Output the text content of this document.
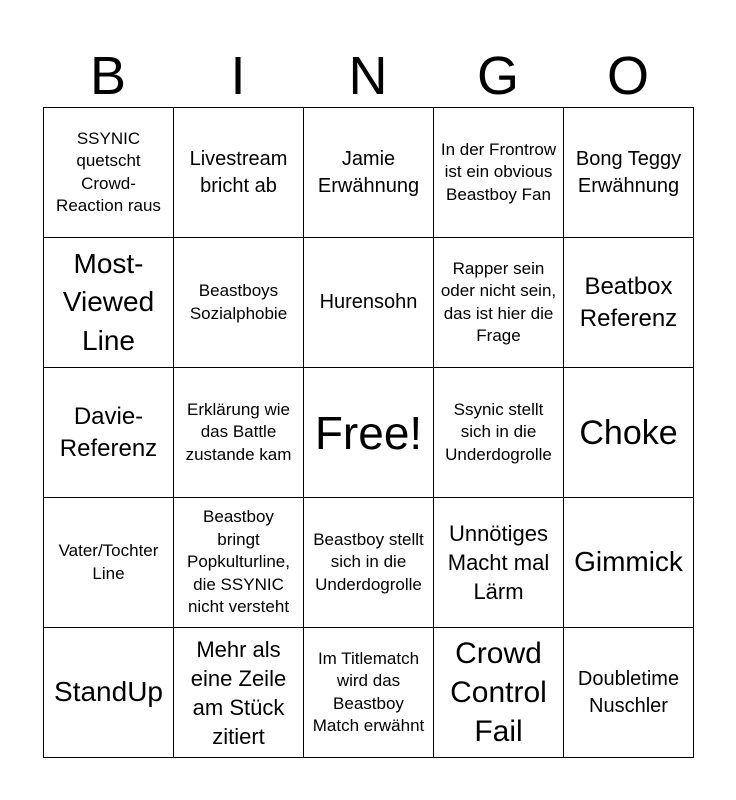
B	I	N	G	O
SSYNIC quetscht Crowd-Reaction raus	Livestream bricht ab	Jamie Erwähnung	In der Frontrow ist ein obvious Beastboy Fan	Bong Teggy Erwähnung
Most-Viewed Line	Beastboys Sozialphobie	Hurensohn	Rapper sein oder nicht sein, das ist hier die Frage	Beatbox Referenz
Davie-Referenz	Erklärung wie das Battle zustande kam	Free!	Ssynic stellt sich in die Underdogrolle	Choke
Vater/Tochter Line	Beastboy bringt Popkulturline, die SSYNIC nicht versteht	Beastboy stellt sich in die Underdogrolle	Unnötiges Macht mal Lärm	Gimmick
StandUp	Mehr als eine Zeile am Stück zitiert	Im Titlematch wird das Beastboy Match erwähnt	Crowd Control Fail	Doubletime Nuschler
